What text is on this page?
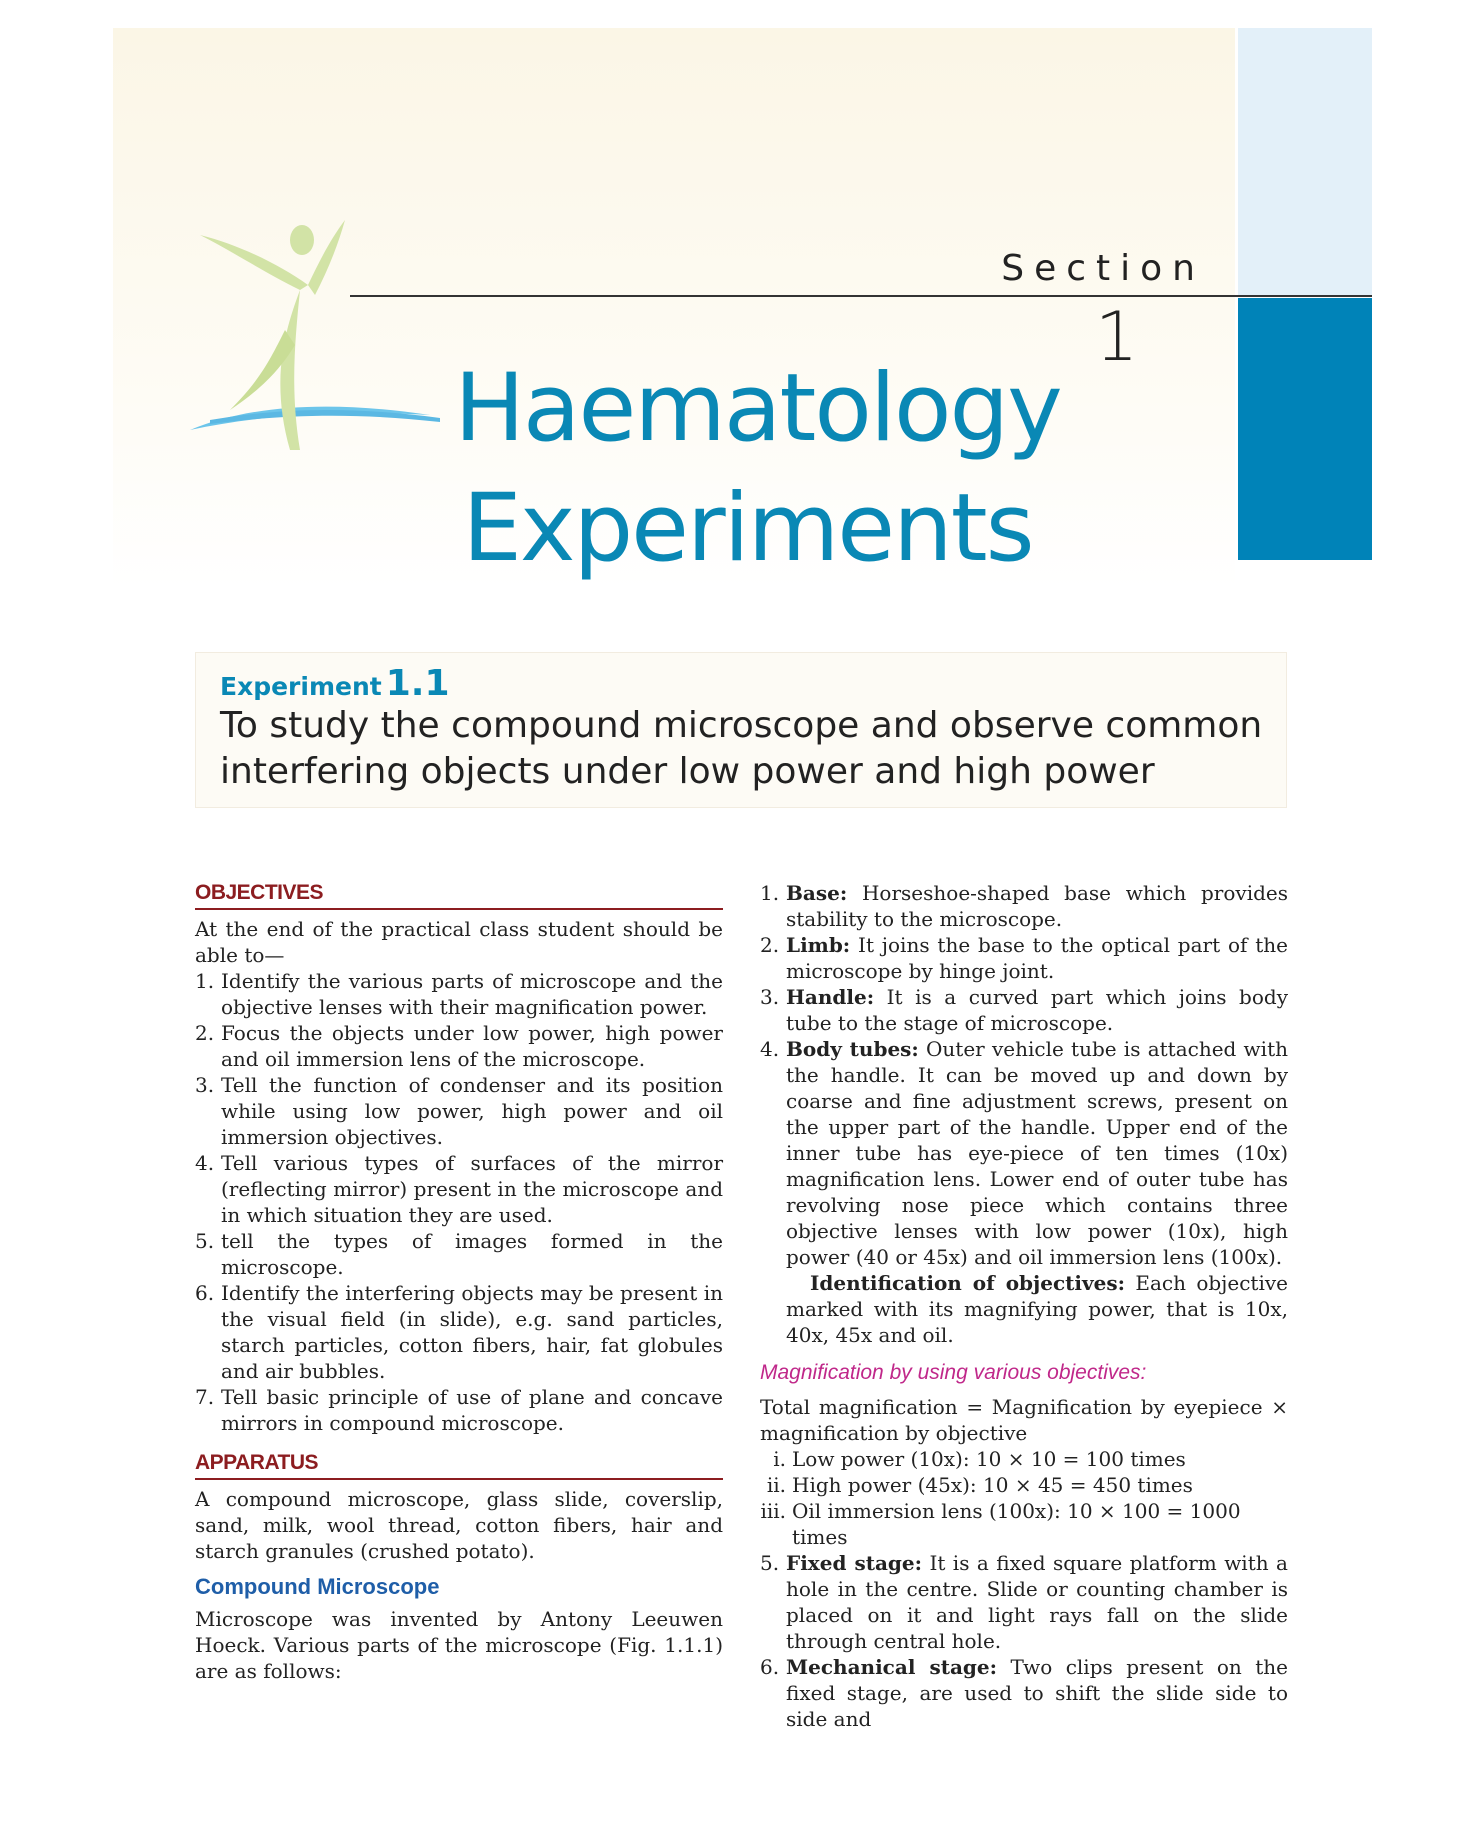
Section
1
Haematology
Experiments
Experiment 1.1
To study the compound microscope and observe common interfering objects under low power and high power
OBJECTIVES

At the end of the practical class student should be able to—

1. Identify the various parts of microscope and the objective lenses with their magnification power.
2. Focus the objects under low power, high power and oil immersion lens of the microscope.
3. Tell the function of condenser and its position while using low power, high power and oil immersion objectives.
4. Tell various types of surfaces of the mirror (reflecting mirror) present in the microscope and in which situation they are used.
5. tell the types of images formed in the microscope.
6. Identify the interfering objects may be present in the visual field (in slide), e.g. sand particles, starch particles, cotton fibers, hair, fat globules and air bubbles.
7. Tell basic principle of use of plane and concave mirrors in compound microscope.
APPARATUS

A compound microscope, glass slide, coverslip, sand, milk, wool thread, cotton fibers, hair and starch granules (crushed potato).

Compound Microscope

Microscope was invented by Antony Leeuwen Hoeck. Various parts of the microscope (Fig. 1.1.1) are as follows:

1. Base: Horseshoe-shaped base which provides stability to the microscope.
2. Limb: It joins the base to the optical part of the microscope by hinge joint.
3. Handle: It is a curved part which joins body tube to the stage of microscope.
4. Body tubes: Outer vehicle tube is attached with the handle. It can be moved up and down by coarse and fine adjustment screws, present on the upper part of the handle. Upper end of the inner tube has eye-piece of ten times (10x) magnification lens. Lower end of outer tube has revolving nose piece which contains three objective lenses with low power (10x), high power (40 or 45x) and oil immersion lens (100x).

Identification of objectives: Each objective marked with its magnifying power, that is 10x, 40x, 45x and oil.

Magnification by using various objectives:

Total magnification = Magnification by eyepiece × magnification by objective

i. Low power (10x): 10 × 10 = 100 times
ii. High power (45x): 10 × 45 = 450 times
iii. Oil immersion lens (100x): 10 × 100 = 1000 times
5. Fixed stage: It is a fixed square platform with a hole in the centre. Slide or counting chamber is placed on it and light rays fall on the slide through central hole.
6. Mechanical stage: Two clips present on the fixed stage, are used to shift the slide side to side and
